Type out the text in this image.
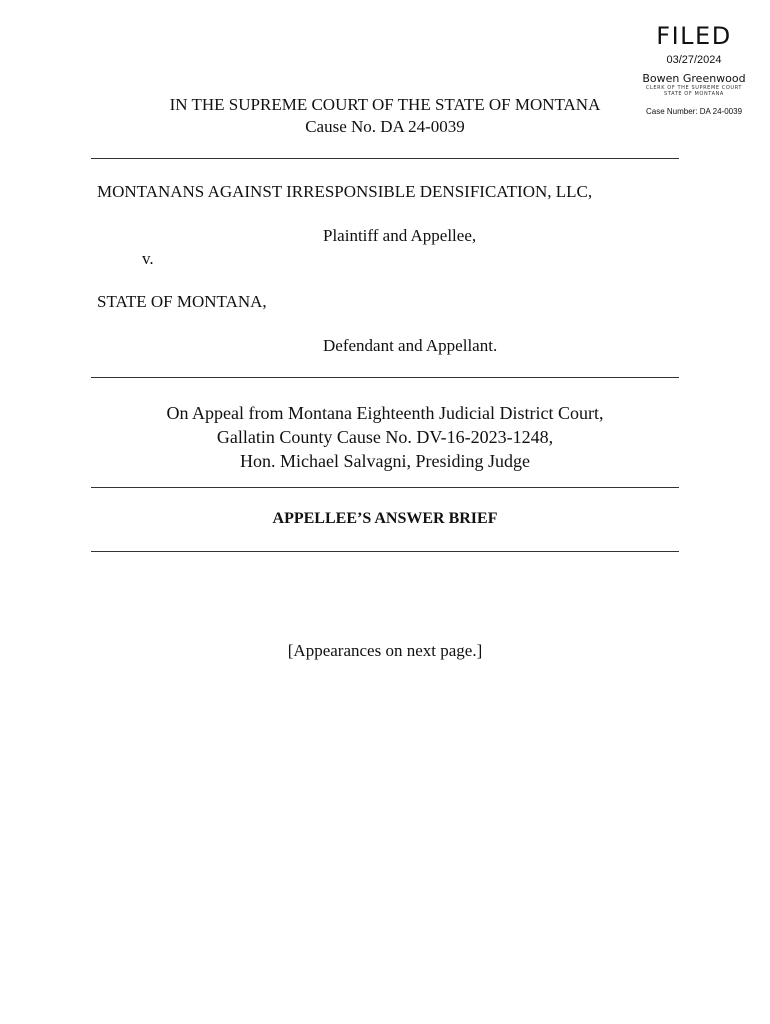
FILED
03/27/2024
Bowen Greenwood
CLERK OF THE SUPREME COURT
STATE OF MONTANA
Case Number: DA 24-0039
IN THE SUPREME COURT OF THE STATE OF MONTANA
Cause No. DA 24-0039
MONTANANS AGAINST IRRESPONSIBLE DENSIFICATION, LLC,
Plaintiff and Appellee,
v.
STATE OF MONTANA,
Defendant and Appellant.
On Appeal from Montana Eighteenth Judicial District Court,
Gallatin County Cause No. DV-16-2023-1248,
Hon. Michael Salvagni, Presiding Judge
APPELLEE’S ANSWER BRIEF
[Appearances on next page.]
